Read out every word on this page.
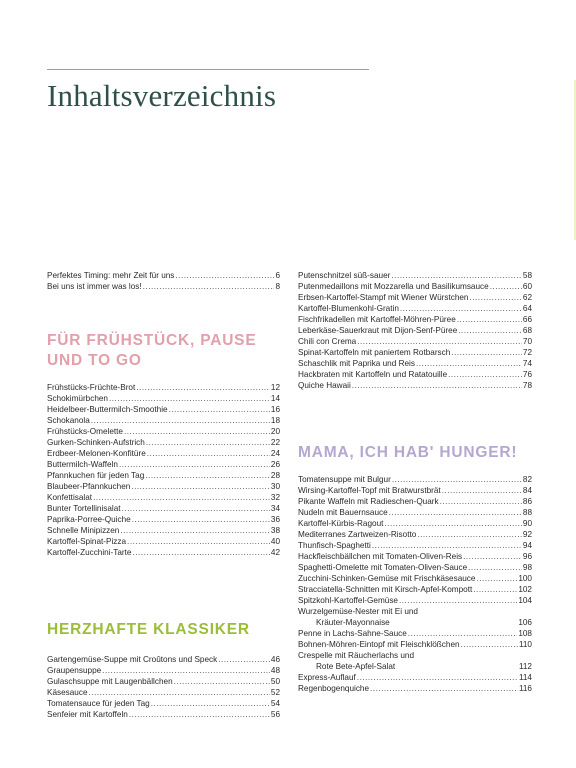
Inhaltsverzeichnis
Perfektes Timing: mehr Zeit für uns .....	6
Bei uns ist immer was los! .....	8
FÜR FRÜHSTÜCK, PAUSE
UND TO GO
Frühstücks-Früchte-Brot .....	12
Schokimürbchen .....	14
Heidelbeer-Buttermilch-Smoothie .....	16
Schokanola .....	18
Frühstücks-Omelette .....	20
Gurken-Schinken-Aufstrich .....	22
Erdbeer-Melonen-Konfitüre .....	24
Buttermilch-Waffeln .....	26
Pfannkuchen für jeden Tag .....	28
Blaubeer-Pfannkuchen .....	30
Konfettisalat .....	32
Bunter Tortellinisalat .....	34
Paprika-Porree-Quiche .....	36
Schnelle Minipizzen .....	38
Kartoffel-Spinat-Pizza .....	40
Kartoffel-Zucchini-Tarte .....	42
HERZHAFTE KLASSIKER
Gartengemüse-Suppe mit Croûtons und Speck .....	46
Graupensuppe .....	48
Gulaschsuppe mit Laugenbällchen .....	50
Käsesauce .....	52
Tomatensauce für jeden Tag .....	54
Senfeier mit Kartoffeln .....	56
Putenschnitzel süß-sauer .....	58
Putenmedaillons mit Mozzarella und Basilikumsauce .....	60
Erbsen-Kartoffel-Stampf mit Wiener Würstchen .....	62
Kartoffel-Blumenkohl-Gratin .....	64
Fischfrikadellen mit Kartoffel-Möhren-Püree .....	66
Leberkäse-Sauerkraut mit Dijon-Senf-Püree .....	68
Chili con Crema .....	70
Spinat-Kartoffeln mit paniertem Rotbarsch .....	72
Schaschlik mit Paprika und Reis .....	74
Hackbraten mit Kartoffeln und Ratatouille .....	76
Quiche Hawaii .....	78
MAMA, ICH HAB' HUNGER!
Tomatensuppe mit Bulgur .....	82
Wirsing-Kartoffel-Topf mit Bratwurstbrät .....	84
Pikante Waffeln mit Radieschen-Quark .....	86
Nudeln mit Bauernsauce .....	88
Kartoffel-Kürbis-Ragout .....	90
Mediterranes Zartweizen-Risotto .....	92
Thunfisch-Spaghetti .....	94
Hackfleischbällchen mit Tomaten-Oliven-Reis .....	96
Spaghetti-Omelette mit Tomaten-Oliven-Sauce .....	98
Zucchini-Schinken-Gemüse mit Frischkäsesauce .....	100
Stracciatella-Schnitten mit Kirsch-Apfel-Kompott .....	102
Spitzkohl-Kartoffel-Gemüse .....	104
Wurzelgemüse-Nester mit Ei und
Kräuter-Mayonnaise	106
Penne in Lachs-Sahne-Sauce .....	108
Bohnen-Möhren-Eintopf mit Fleischklößchen .....	110
Crespelle mit Räucherlachs und
Rote Bete-Apfel-Salat	112
Express-Auflauf .....	114
Regenbogenquiche .....	116
